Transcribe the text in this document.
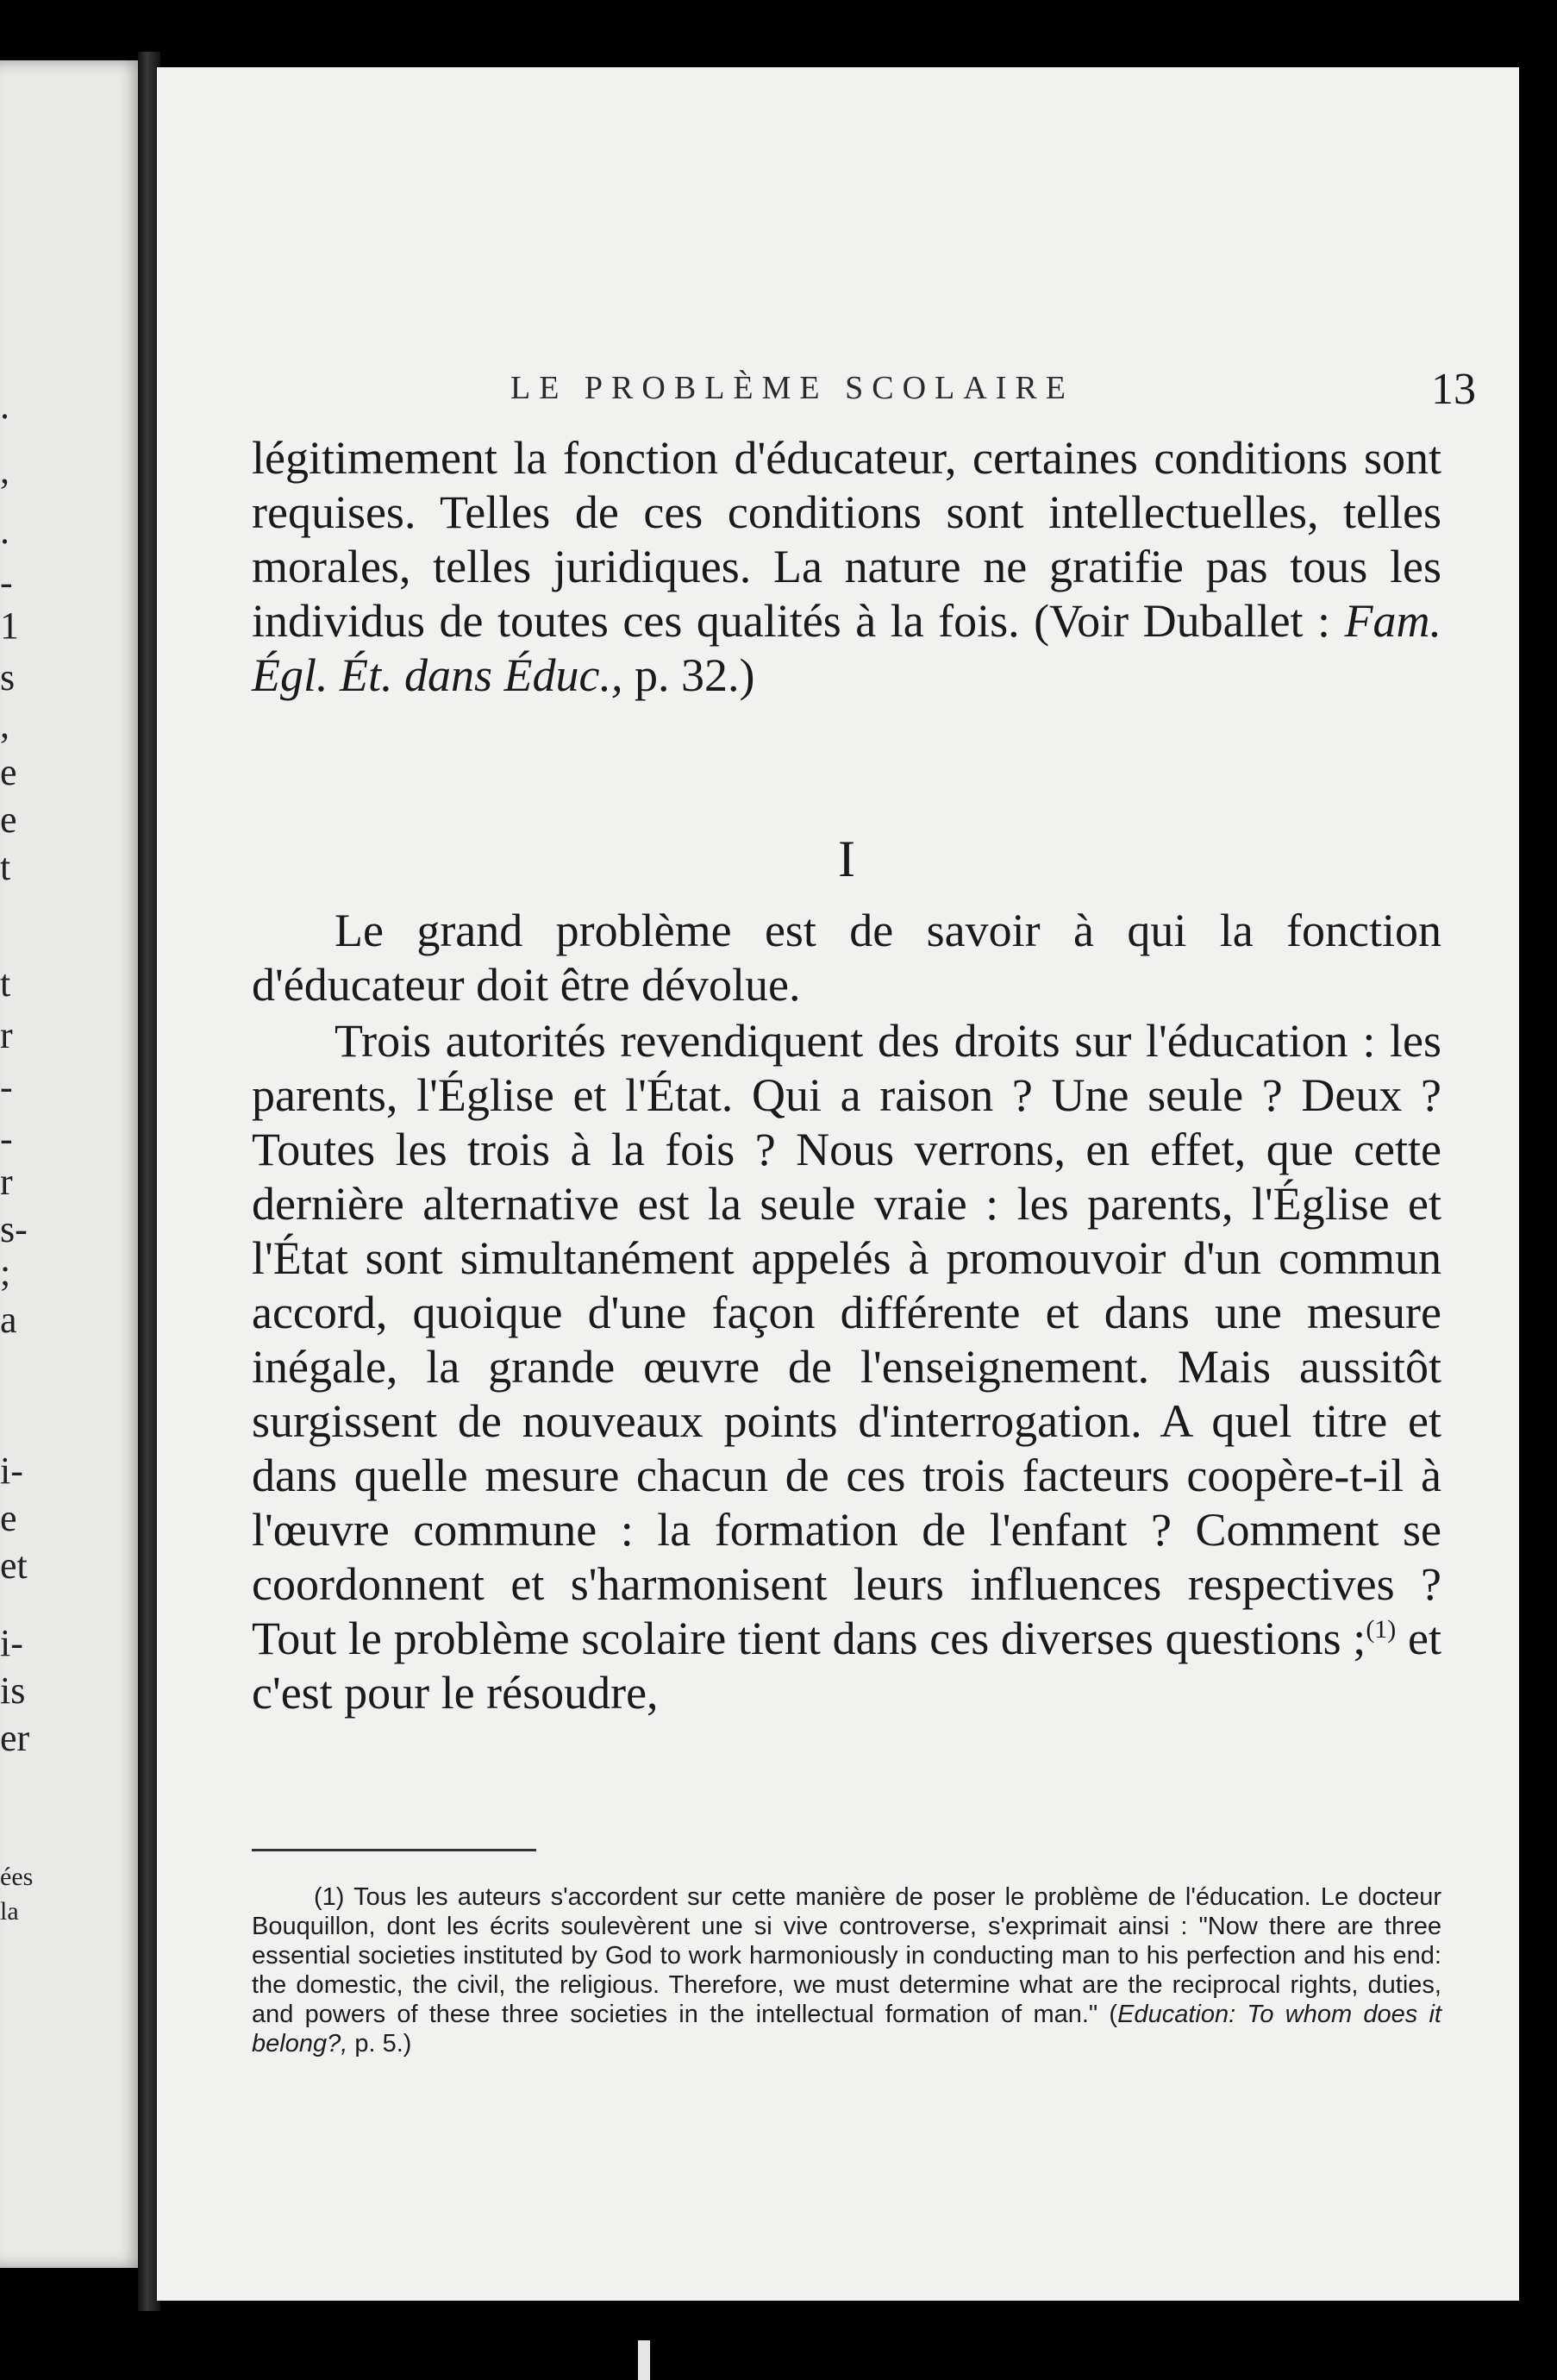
.
,
.
-
1
s
,
e
e
t
t
r
-
-
r
s-
;
a
i-
e
et
i-
is
er
ées
la
LE PROBLÈME SCOLAIRE	13

légitimement la fonction d'éducateur, certaines conditions sont requises. Telles de ces conditions sont intellectuelles, telles morales, telles juridiques. La nature ne gratifie pas tous les individus de toutes ces qualités à la fois. (Voir Duballet : Fam. Égl. Ét. dans Éduc., p. 32.)

I

Le grand problème est de savoir à qui la fonction d'éducateur doit être dévolue.

Trois autorités revendiquent des droits sur l'éducation : les parents, l'Église et l'État. Qui a raison ? Une seule ? Deux ? Toutes les trois à la fois ? Nous verrons, en effet, que cette dernière alternative est la seule vraie : les parents, l'Église et l'État sont simultanément appelés à promouvoir d'un commun accord, quoique d'une façon différente et dans une mesure inégale, la grande œuvre de l'enseignement. Mais aussitôt surgissent de nouveaux points d'interrogation. A quel titre et dans quelle mesure chacun de ces trois facteurs coopère-t-il à l'œuvre commune : la formation de l'enfant ? Comment se coordonnent et s'harmonisent leurs influences respectives ? Tout le problème scolaire tient dans ces diverses questions ;$^{(1)}$ et c'est pour le résoudre,

(1) Tous les auteurs s'accordent sur cette manière de poser le problème de l'éducation. Le docteur Bouquillon, dont les écrits soulevèrent une si vive controverse, s'exprimait ainsi : "Now there are three essential societies instituted by God to work harmoniously in conducting man to his perfection and his end: the domestic, the civil, the religious. Therefore, we must determine what are the reciprocal rights, duties, and powers of these three societies in the intellectual formation of man." (Education: To whom does it belong?, p. 5.)
